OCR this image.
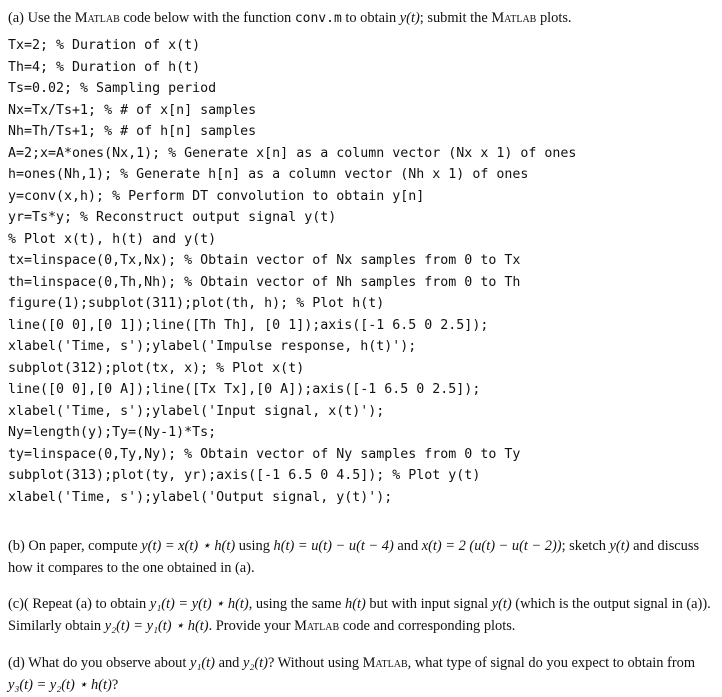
(a) Use the Matlab code below with the function conv.m to obtain y(t); submit the Matlab plots.
Tx=2; % Duration of x(t)
Th=4; % Duration of h(t)
Ts=0.02; % Sampling period
Nx=Tx/Ts+1; % # of x[n] samples
Nh=Th/Ts+1; % # of h[n] samples
A=2;x=A*ones(Nx,1); % Generate x[n] as a column vector (Nx x 1) of ones
h=ones(Nh,1); % Generate h[n] as a column vector (Nh x 1) of ones
y=conv(x,h); % Perform DT convolution to obtain y[n]
yr=Ts*y; % Reconstruct output signal y(t)
% Plot x(t), h(t) and y(t)
tx=linspace(0,Tx,Nx); % Obtain vector of Nx samples from 0 to Tx
th=linspace(0,Th,Nh); % Obtain vector of Nh samples from 0 to Th
figure(1);subplot(311);plot(th, h); % Plot h(t)
line([0 0],[0 1]);line([Th Th], [0 1]);axis([-1 6.5 0 2.5]);
xlabel('Time, s');ylabel('Impulse response, h(t)');
subplot(312);plot(tx, x); % Plot x(t)
line([0 0],[0 A]);line([Tx Tx],[0 A]);axis([-1 6.5 0 2.5]);
xlabel('Time, s');ylabel('Input signal, x(t)');
Ny=length(y);Ty=(Ny-1)*Ts;
ty=linspace(0,Ty,Ny); % Obtain vector of Ny samples from 0 to Ty
subplot(313);plot(ty, yr);axis([-1 6.5 0 4.5]); % Plot y(t)
xlabel('Time, s');ylabel('Output signal, y(t)');
(b) On paper, compute y(t) = x(t) ⋆ h(t) using h(t) = u(t) − u(t − 4) and x(t) = 2 (u(t) − u(t − 2)); sketch y(t) and discuss how it compares to the one obtained in (a).
(c)( Repeat (a) to obtain y₁(t) = y(t) ⋆ h(t), using the same h(t) but with input signal y(t) (which is the output signal in (a)). Similarly obtain y₂(t) = y₁(t) ⋆ h(t). Provide your Matlab code and corresponding plots.
(d) What do you observe about y₁(t) and y₂(t)? Without using Matlab, what type of signal do you expect to obtain from y₃(t) = y₂(t) ⋆ h(t)?
